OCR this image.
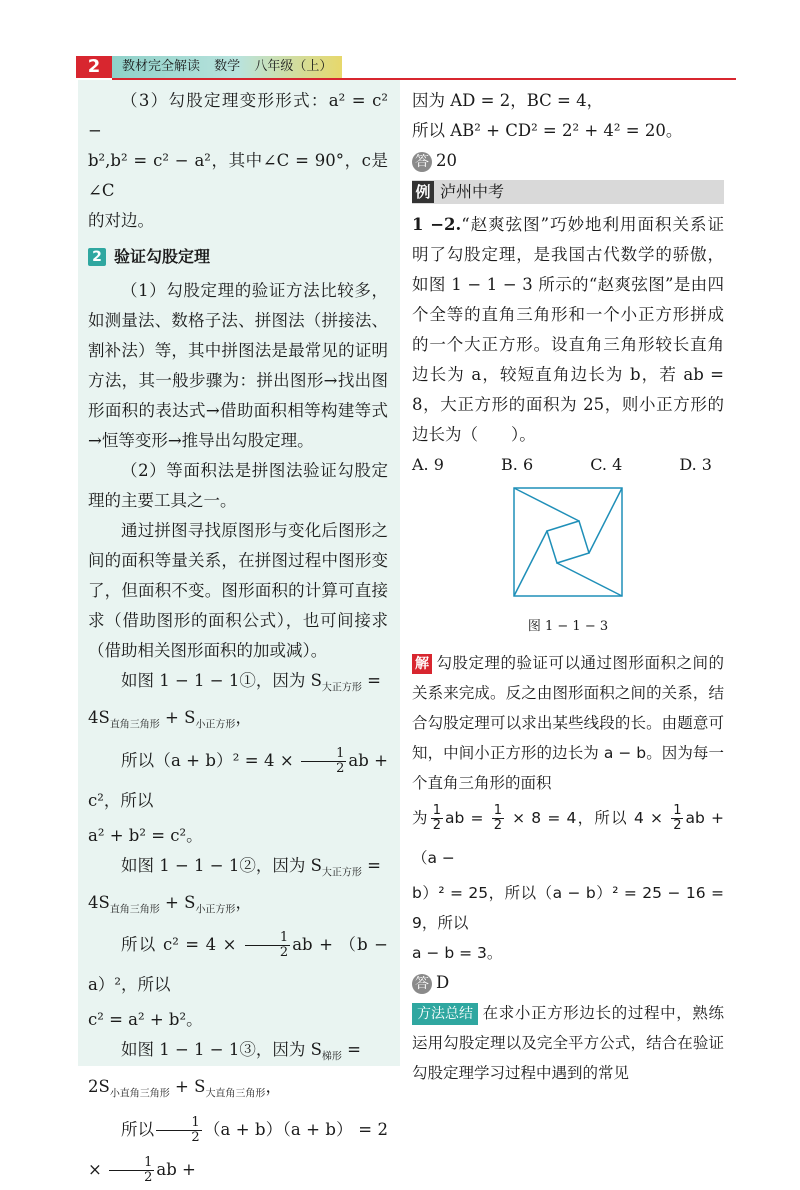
2	教材完全解读 数学 八年级（上）

（3）勾股定理变形形式：a² = c² −

b²,b² = c² − a²，其中∠C = 90°，c是∠C

的对边。

2 验证勾股定理

（1）勾股定理的验证方法比较多，如测量法、数格子法、拼图法（拼接法、割补法）等，其中拼图法是最常见的证明方法，其一般步骤为：拼出图形→找出图形面积的表达式→借助面积相等构建等式→恒等变形→推导出勾股定理。

（2）等面积法是拼图法验证勾股定理的主要工具之一。

通过拼图寻找原图形与变化后图形之间的面积等量关系，在拼图过程中图形变了，但面积不变。图形面积的计算可直接求（借助图形的面积公式），也可间接求（借助相关图形面积的加或减）。

如图 1 − 1 − 1①，因为 $S_{大正方形}$ =

$4S_{直角三角形} + S_{小正方形}$，

所以$(a + b)^2 = 4 \times \frac{1}{2}$ ab + c²，所以

a² + b² = c²。

如图 1 − 1 − 1②，因为 $S_{大正方形}$ =

$4S_{直角三角形} + S_{小正方形}$，

所以 $c^2 = 4 \times \frac{1}{2}$ ab + （b − a）²，所以

c² = a² + b²。

如图 1 − 1 − 1③，因为 $S_{梯形}$ =

$2S_{小直角三角形} + S_{大直角三角形}$，

所以 $\frac{1}{2} (a + b)(a + b) = 2 \times \frac{1}{2}$ ab +

因为 AD = 2，BC = 4，

所以 AB² + CD² = 2² + 4² = 20。

答 20

例 泸州中考

1 −2.“赵爽弦图”巧妙地利用面积关系证明了勾股定理，是我国古代数学的骄傲，如图 1 − 1 − 3 所示的“赵爽弦图”是由四个全等的直角三角形和一个小正方形拼成的一个大正方形。设直角三角形较长直角边长为 a，较短直角边长为 b，若 ab = 8，大正方形的面积为 25，则小正方形的边长为（　　）。

A. 9	B. 6	C. 4	D. 3
图 1 − 1 − 3

解 勾股定理的验证可以通过图形面积之间的关系来完成。反之由图形面积之间的关系，结合勾股定理可以求出某些线段的长。由题意可知，中间小正方形的边长为 a − b。因为每一个直角三角形的面积

为 $\frac{1}{2}$ ab = $\frac{1}{2} \times 8 = 4$，所以 $4 \times \frac{1}{2}$ ab + （a −

b）² = 25，所以（a − b）² = 25 − 16 = 9，所以

a − b = 3。

答 D

方法总结 在求小正方形边长的过程中，熟练运用勾股定理以及完全平方公式，结合在验证勾股定理学习过程中遇到的常见
